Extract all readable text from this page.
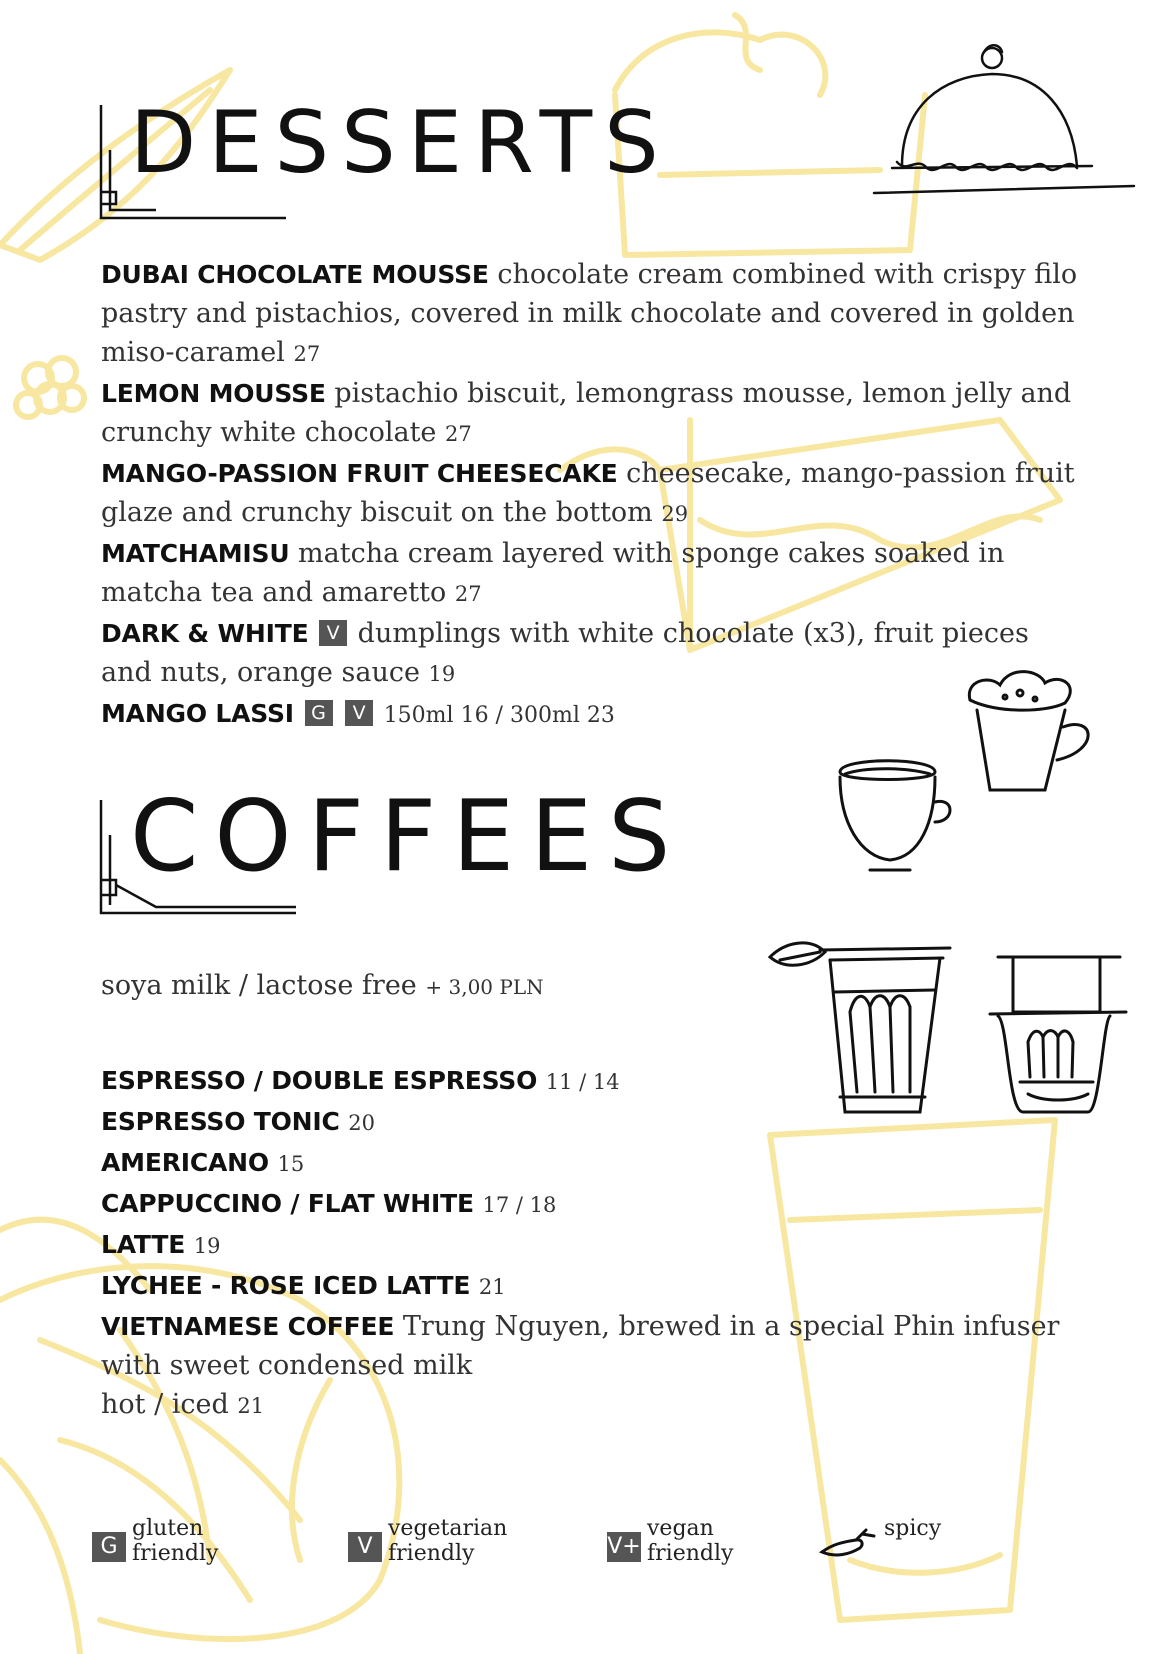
DESSERTS
COFFEES

DUBAI CHOCOLATE MOUSSE chocolate cream combined with crispy filo pastry and pistachios, covered in milk chocolate and covered in golden miso-caramel 27

LEMON MOUSSE pistachio biscuit, lemongrass mousse, lemon jelly and crunchy white chocolate 27

MANGO-PASSION FRUIT CHEESECAKE cheesecake, mango-passion fruit glaze and crunchy biscuit on the bottom 29

MATCHAMISU matcha cream layered with sponge cakes soaked in matcha tea and amaretto 27

DARK & WHITE V dumplings with white chocolate (x3), fruit pieces and nuts, orange sauce 19

MANGO LASSI G V 150ml 16 / 300ml 23

soya milk / lactose free + 3,00 PLN

ESPRESSO / DOUBLE ESPRESSO 11 / 14

ESPRESSO TONIC 20

AMERICANO 15

CAPPUCCINO / FLAT WHITE 17 / 18

LATTE 19

LYCHEE - ROSE ICED LATTE 21

VIETNAMESE COFFEE Trung Nguyen, brewed in a special Phin infuser with sweet condensed milk
hot / iced 21

G
gluten friendly	V
vegetarian
friendly	V+
vegan
friendly
spicy
